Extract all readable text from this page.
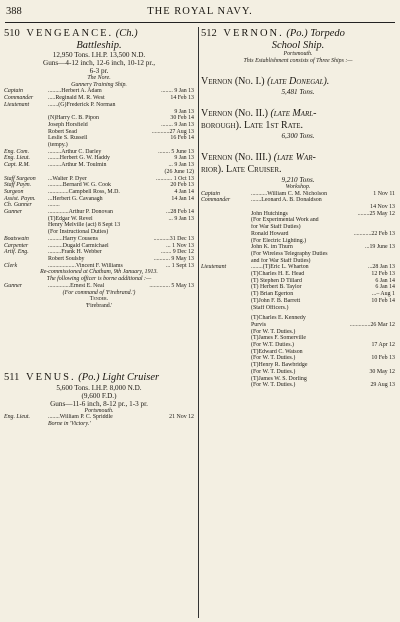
388	THE ROYAL NAVY.
510 VENGEANCE. (Ch.)
Battleship.
12,950 Tons. I.H.P. 13,500 N.D.
Guns—4-12 inch, 12-6 inch, 10-12 pr.,
6-3 pr.
The Nore.
Gunnery Training Ship.
Captain	.........Herbert A. Adam	........ 9 Jan 13
Commander	.....Reginald M. R. West	14 Feb 13
Lieutenant	.......(G)Frederick P. Norman
9 Jan 13
(N)Harry C. B. Pipon	30 Feb 14
Joseph Horsfield	........ 9 Jan 13
Robert Sead	............27 Aug 13
Leslie S. Russell	16 Feb 14
(tempy.)
Eng. Com.	.........Arthur C. Darley	........ 5 June 13
Eng. Lieut.	........Herbert G. W. Haddy	9 Jan 13
Capt. R.M.	.........Arthur M. Toulmin	... 9 Jan 13
(26 June 12)
Staff Surgeon	...Walter P. Dyer	........... 1 Oct 13
Staff Paym.	..........Bernard W. G. Cook	20 Feb 13
Surgeon	..............Campbell Ross, M.D.	4 Jan 14
Assist. Paym.	...Herbert G. Cavanagh	14 Jan 14
Ch. Gunner	........
Gunner	..............Arthur P. Donovan	...28 Feb 14
(T)Edgar W. Revel	... 9 Jan 13
Henry Melville (act) 8 Sept 13
(For Instructional Duties)
Boatswain	..........Harry Cousens	...........31 Dec 13
Carpenter	..........Dugald Carmichael	... 1 Nov 13
Artif. Eng.	.........Frank H. Webber	....... 9 Dec 12
Robert Soulsby	........... 9 May 13
Clerk	...................Vincent F. Williams	... 1 Sept 13
Re-commissioned at Chatham, 9th January, 1913.
The following officer is borne additional :—
Gunner	...............Ernest E. Neal	.............. 5 May 13
(For command of 'Firebrand.')
Tender.
'Firebrand.'
511 VENUS. (Po.) Light Cruiser
5,600 Tons. I.H.P. 8,000 N.D.
(9,600 F.D.)
Guns—11-6 inch, 8-12 pr., 1-3 pr.
Portsmouth.
Eng. Lieut.	........William P. C. Spriddle	21 Nov 12
Borne in 'Victory.'
512 VERNON. (Po.) Torpedo
School Ship.
Portsmouth.
This Establishment consists of Three Ships :—
Vernon (No. I.) (late Donegal).
5,481 Tons.
Vernon (No. II.) (late Marl-
borough). Late 1st Rate.
6,300 Tons.
Vernon (No. III.) (late War-
rior). Late Cruiser.
9,210 Tons.
Workshop.
Captain	...........William C. M. Nicholson	1 Nov 11
Commander	.......Leonard A. B. Donaldson
14 Nov 13
John Hutchings	........25 May 12
(For Experimental Work and
for War Staff Duties)
Ronald Howard	............22 Feb 13
(For Electric Lighting.)
John K. im Thurn	...19 June 13
(For Wireless Telegraphy Duties
and for War Staff Duties)
Lieutenant	........(T)Eric L. Wharton	...28 Jan 13
(T)Charles H. E. Head	12 Feb 13
(T) Stephen D Tillard	6 Jan 14
(T) Herbert B. Taylor	6 Jan 14
(T) Brian Egerton	...– Aug 1
(T)John F. B. Barrett	10 Feb 14
(Staff Officers.)
(T)Charles E. Kennedy
Purvis	..............26 Mar 12
(For W. T. Duties.)
(T)James F. Somerville
(For W.T. Duties.)	17 Apr 12
(T)Edward C. Watson
(For W. T. Duties.)	10 Feb 13
(T)Henry R. Bawbridge
(For W. T. Duties.)	30 May 12
(T)James W. S. Dorling
(For W. T. Duties.)	29 Aug 13
